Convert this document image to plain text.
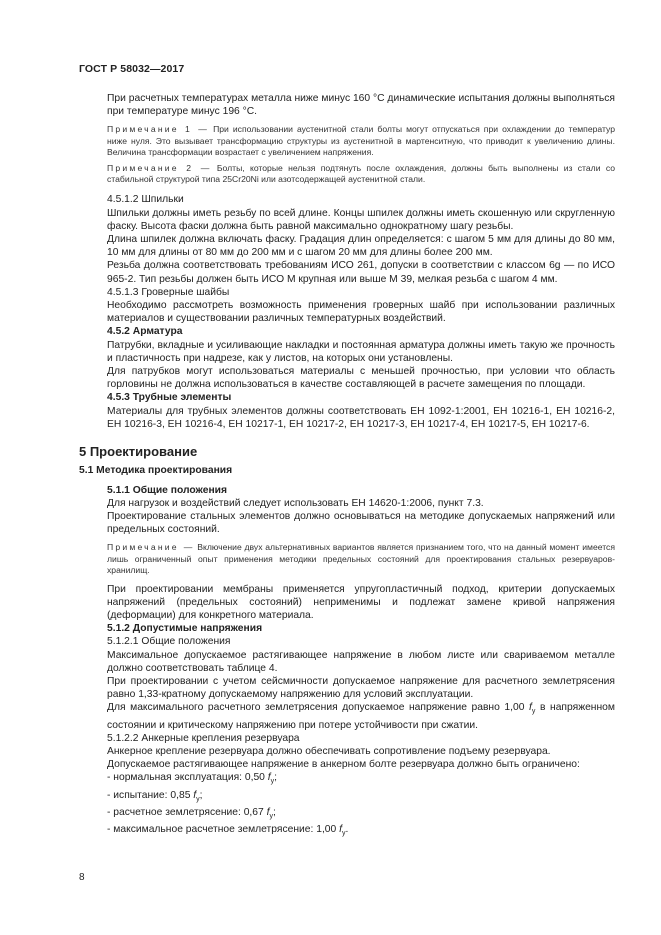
ГОСТ Р 58032—2017

При расчетных температурах металла ниже минус 160 °С динамические испытания должны выполняться при температуре минус 196 °С.

Примечание 1 — При использовании аустенитной стали болты могут отпускаться при охлаждении до температур ниже нуля. Это вызывает трансформацию структуры из аустенитной в мартенситную, что приводит к увеличению длины. Величина трансформации возрастает с увеличением напряжения.

Примечание 2 — Болты, которые нельзя подтянуть после охлаждения, должны быть выполнены из стали со стабильной структурой типа 25Cr20Ni или азотсодержащей аустенитной стали.

4.5.1.2 Шпильки

Шпильки должны иметь резьбу по всей длине. Концы шпилек должны иметь скошенную или скругленную фаску. Высота фаски должна быть равной максимально однократному шагу резьбы.

Длина шпилек должна включать фаску. Градация длин определяется: с шагом 5 мм для длины до 80 мм, 10 мм для длины от 80 мм до 200 мм и с шагом 20 мм для длины более 200 мм.

Резьба должна соответствовать требованиям ИСО 261, допуски в соответствии с классом 6g — по ИСО 965-2. Тип резьбы должен быть ИСО М крупная или выше М 39, мелкая резьба с шагом 4 мм.

4.5.1.3 Гроверные шайбы

Необходимо рассмотреть возможность применения гроверных шайб при использовании различных материалов и существовании различных температурных воздействий.

4.5.2 Арматура

Патрубки, вкладные и усиливающие накладки и постоянная арматура должны иметь такую же прочность и пластичность при надрезе, как у листов, на которых они установлены.

Для патрубков могут использоваться материалы с меньшей прочностью, при условии что область горловины не должна использоваться в качестве составляющей в расчете замещения по площади.

4.5.3 Трубные элементы

Материалы для трубных элементов должны соответствовать ЕН 1092-1:2001, ЕН 10216-1, ЕН 10216-2, ЕН 10216-3, ЕН 10216-4, ЕН 10217-1, ЕН 10217-2, ЕН 10217-3, ЕН 10217-4, ЕН 10217-5, ЕН 10217-6.

5 Проектирование

5.1 Методика проектирования

5.1.1 Общие положения

Для нагрузок и воздействий следует использовать ЕН 14620-1:2006, пункт 7.3.

Проектирование стальных элементов должно основываться на методике допускаемых напряжений или предельных состояний.

Примечание — Включение двух альтернативных вариантов является признанием того, что на данный момент имеется лишь ограниченный опыт применения методики предельных состояний для проектирования стальных резервуаров-хранилищ.

При проектировании мембраны применяется упругопластичный подход, критерии допускаемых напряжений (предельных состояний) неприменимы и подлежат замене кривой напряжения (деформации) для конкретного материала.

5.1.2 Допустимые напряжения

5.1.2.1 Общие положения

Максимальное допускаемое растягивающее напряжение в любом листе или свариваемом металле должно соответствовать таблице 4.

При проектировании с учетом сейсмичности допускаемое напряжение для расчетного землетрясения равно 1,33-кратному допускаемому напряжению для условий эксплуатации.

Для максимального расчетного землетрясения допускаемое напряжение равно 1,00 $f_y$ в напряженном состоянии и критическому напряжению при потере устойчивости при сжатии.

5.1.2.2 Анкерные крепления резервуара

Анкерное крепление резервуара должно обеспечивать сопротивление подъему резервуара.

Допускаемое растягивающее напряжение в анкерном болте резервуара должно быть ограничено:

- нормальная эксплуатация: 0,50 $f_y$;

- испытание: 0,85 $f_y$;

- расчетное землетрясение: 0,67 $f_y$;

- максимальное расчетное землетрясение: 1,00 $f_y$.

8
